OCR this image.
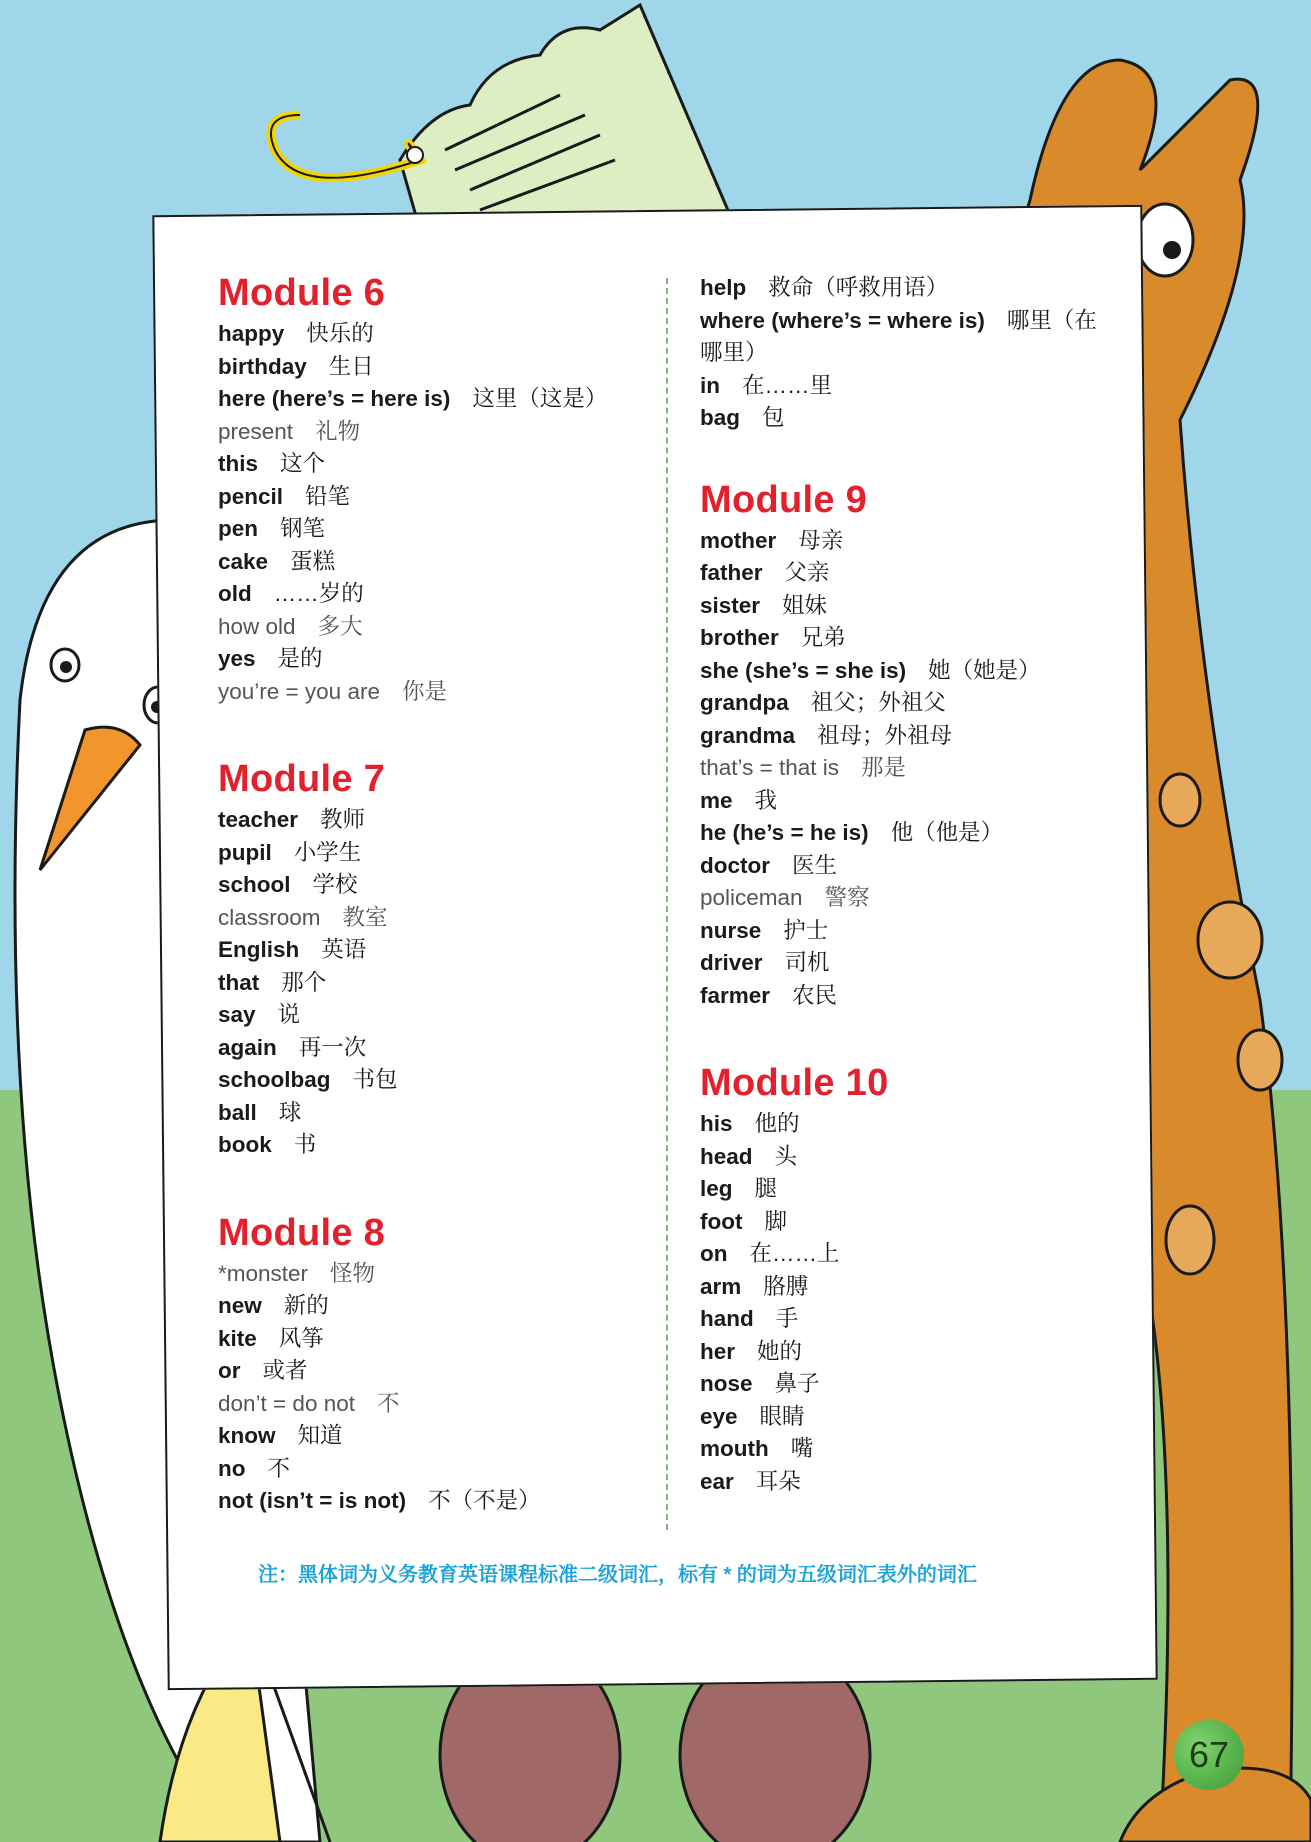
Module 6
happy 快乐的
birthday 生日
here (here’s = here is) 这里（这是）
present 礼物
this 这个
pencil 铅笔
pen 钢笔
cake 蛋糕
old ……岁的
how old 多大
yes 是的
you’re = you are 你是
Module 7
teacher 教师
pupil 小学生
school 学校
classroom 教室
English 英语
that 那个
say 说
again 再一次
schoolbag 书包
ball 球
book 书
Module 8
*monster 怪物
new 新的
kite 风筝
or 或者
don’t = do not 不
know 知道
no 不
not (isn’t = is not) 不（不是）
help 救命（呼救用语）
where (where’s = where is) 哪里（在哪里）
in 在……里
bag 包
Module 9
mother 母亲
father 父亲
sister 姐妹
brother 兄弟
she (she’s = she is) 她（她是）
grandpa 祖父；外祖父
grandma 祖母；外祖母
that’s = that is 那是
me 我
he (he’s = he is) 他（他是）
doctor 医生
policeman 警察
nurse 护士
driver 司机
farmer 农民
Module 10
his 他的
head 头
leg 腿
foot 脚
on 在……上
arm 胳膊
hand 手
her 她的
nose 鼻子
eye 眼睛
mouth 嘴
ear 耳朵
注：黑体词为义务教育英语课程标准二级词汇，标有 * 的词为五级词汇表外的词汇
67
